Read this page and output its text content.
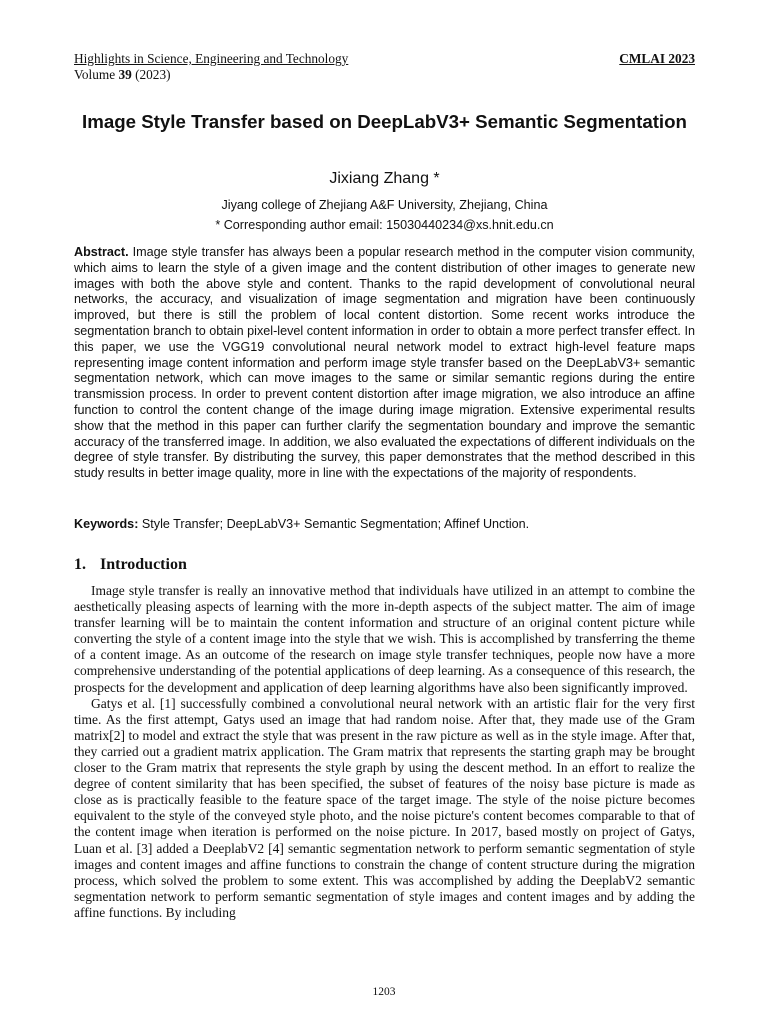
Highlights in Science, Engineering and Technology	CMLAI 2023
Volume 39 (2023)
Image Style Transfer based on DeepLabV3+ Semantic Segmentation
Jixiang Zhang *
Jiyang college of Zhejiang A&F University, Zhejiang, China
* Corresponding author email: 15030440234@xs.hnit.edu.cn
Abstract. Image style transfer has always been a popular research method in the computer vision community, which aims to learn the style of a given image and the content distribution of other images to generate new images with both the above style and content. Thanks to the rapid development of convolutional neural networks, the accuracy, and visualization of image segmentation and migration have been continuously improved, but there is still the problem of local content distortion. Some recent works introduce the segmentation branch to obtain pixel-level content information in order to obtain a more perfect transfer effect. In this paper, we use the VGG19 convolutional neural network model to extract high-level feature maps representing image content information and perform image style transfer based on the DeepLabV3+ semantic segmentation network, which can move images to the same or similar semantic regions during the entire transmission process. In order to prevent content distortion after image migration, we also introduce an affine function to control the content change of the image during image migration. Extensive experimental results show that the method in this paper can further clarify the segmentation boundary and improve the semantic accuracy of the transferred image. In addition, we also evaluated the expectations of different individuals on the degree of style transfer. By distributing the survey, this paper demonstrates that the method described in this study results in better image quality, more in line with the expectations of the majority of respondents.
Keywords: Style Transfer; DeepLabV3+ Semantic Segmentation; Affinef Unction.
1. Introduction

Image style transfer is really an innovative method that individuals have utilized in an attempt to combine the aesthetically pleasing aspects of learning with the more in-depth aspects of the subject matter. The aim of image transfer learning will be to maintain the content information and structure of an original content picture while converting the style of a content image into the style that we wish. This is accomplished by transferring the theme of a content image. As an outcome of the research on image style transfer techniques, people now have a more comprehensive understanding of the potential applications of deep learning. As a consequence of this research, the prospects for the development and application of deep learning algorithms have also been significantly improved.

Gatys et al. [1] successfully combined a convolutional neural network with an artistic flair for the very first time. As the first attempt, Gatys used an image that had random noise. After that, they made use of the Gram matrix[2] to model and extract the style that was present in the raw picture as well as in the style image. After that, they carried out a gradient matrix application. The Gram matrix that represents the starting graph may be brought closer to the Gram matrix that represents the style graph by using the descent method. In an effort to realize the degree of content similarity that has been specified, the subset of features of the noisy base picture is made as close as is practically feasible to the feature space of the target image. The style of the noise picture becomes equivalent to the style of the conveyed style photo, and the noise picture's content becomes comparable to that of the content image when iteration is performed on the noise picture. In 2017, based mostly on project of Gatys, Luan et al. [3] added a DeeplabV2 [4] semantic segmentation network to perform semantic segmentation of style images and content images and affine functions to constrain the change of content structure during the migration process, which solved the problem to some extent. This was accomplished by adding the DeeplabV2 semantic segmentation network to perform semantic segmentation of style images and content images and by adding the affine functions. By including

1203
